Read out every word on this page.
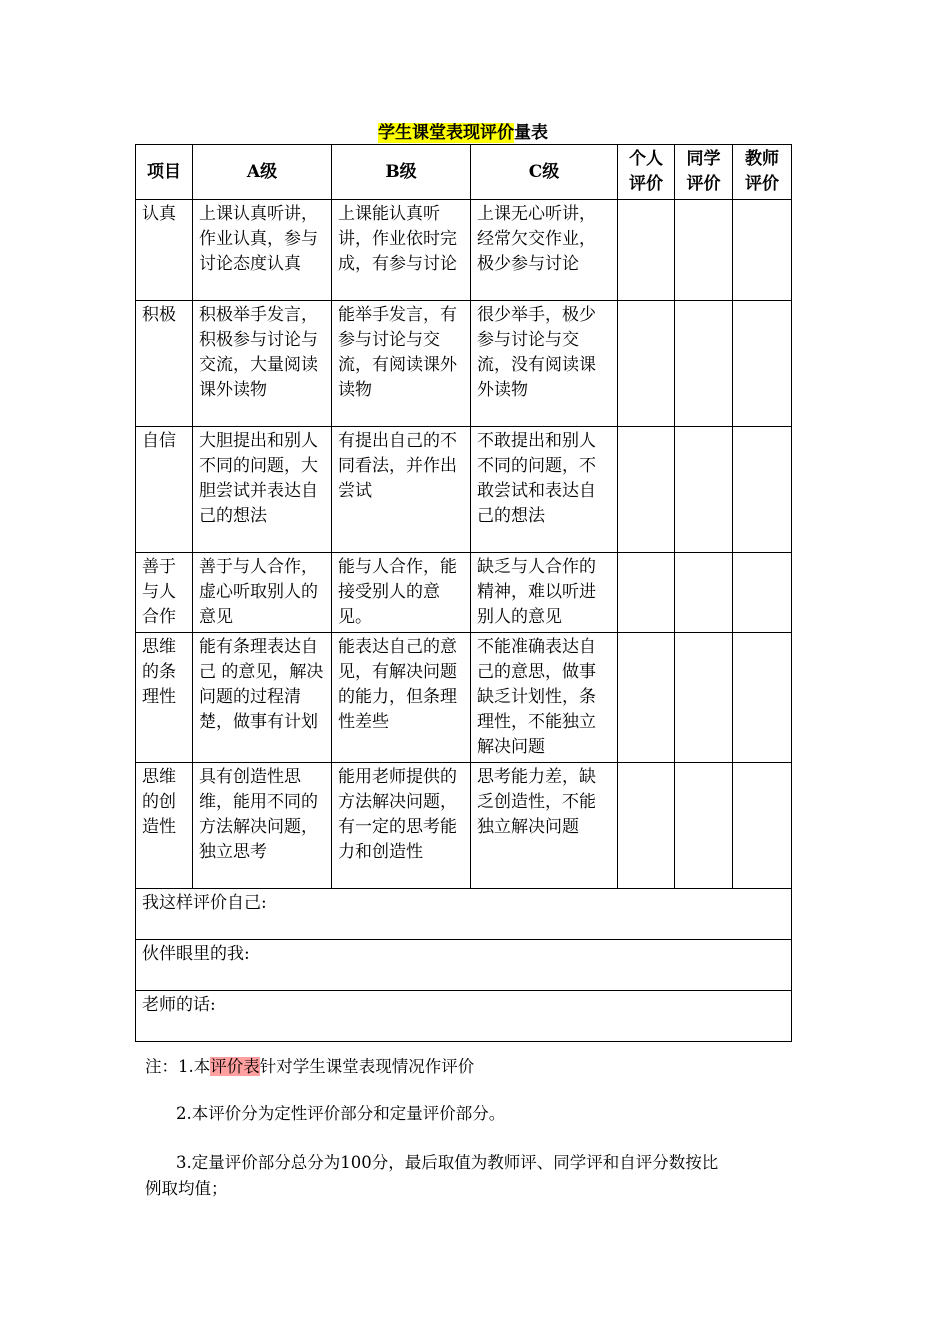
学生课堂表现评价量表
项目	A级	B级	C级	个人评价	同学评价	教师评价
认真	上课认真听讲，作业认真，参与讨论态度认真	上课能认真听讲，作业依时完成，有参与讨论	上课无心听讲，经常欠交作业，极少参与讨论			
积极	积极举手发言，积极参与讨论与交流，大量阅读课外读物	能举手发言，有参与讨论与交流，有阅读课外读物	很少举手，极少参与讨论与交流，没有阅读课外读物			
自信	大胆提出和别人不同的问题，大胆尝试并表达自己的想法	有提出自己的不同看法，并作出尝试	不敢提出和别人不同的问题，不敢尝试和表达自己的想法			
善于与人合作	善于与人合作，虚心听取别人的意见	能与人合作，能接受别人的意见。	缺乏与人合作的精神，难以听进别人的意见			
思维的条理性	能有条理表达自己 的意见，解决问题的过程清楚，做事有计划	能表达自己的意见，有解决问题的能力，但条理性差些	不能准确表达自己的意思，做事缺乏计划性，条理性，不能独立解决问题			
思维的创造性	具有创造性思维，能用不同的方法解决问题，独立思考	能用老师提供的方法解决问题，有一定的思考能力和创造性	思考能力差，缺乏创造性，不能独立解决问题			
我这样评价自己:						
伙伴眼里的我:						
老师的话:						
注：1.本评价表针对学生课堂表现情况作评价
2.本评价分为定性评价部分和定量评价部分。
3.定量评价部分总分为100分，最后取值为教师评、同学评和自评分数按比
例取均值；
